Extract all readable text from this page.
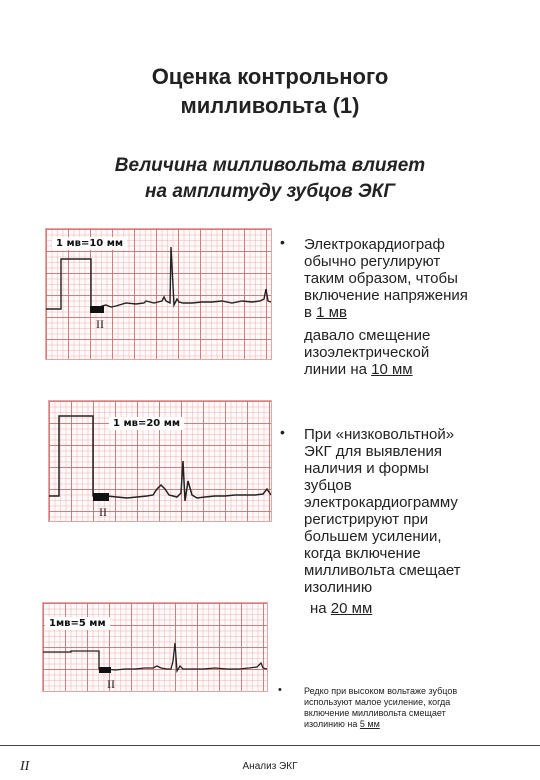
Оценка контрольного
милливольта (1)
Величина милливольта влияет
на амплитуду зубцов ЭКГ
1 мв=10 мм
II
1 мв=20 мм
II
1мв=5 мм
II
• Электрокардиограф
обычно регулируют
таким образом, чтобы
включение напряжения
в 1 мв
давало смещение
изоэлектрической
линии на 10 мм
• При «низковольтной»
ЭКГ для выявления
наличия и формы
зубцов
электрокардиограмму
регистрируют при
большем усилении,
когда включение
милливольта смещает
изолинию
на 20 мм
• Редко при высоком вольтаже зубцов
используют малое усиление, когда
включение милливольта смещает
изолинию на 5 мм
II	Анализ ЭКГ
